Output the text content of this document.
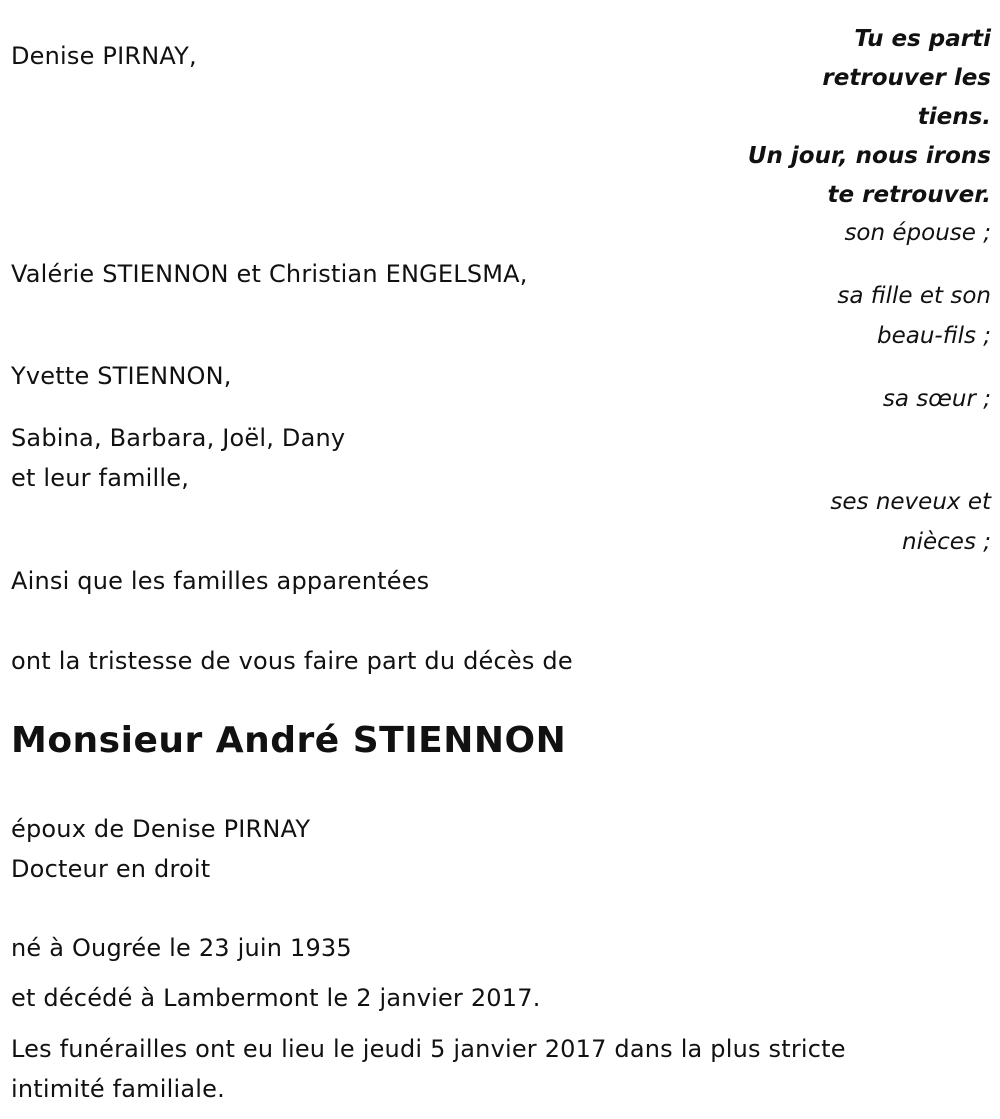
Tu es parti
retrouver les
tiens.
Un jour, nous irons
te retrouver.
Denise PIRNAY,
son épouse ;
Valérie STIENNON et Christian ENGELSMA,
sa fille et son
beau-fils ;
Yvette STIENNON,
sa sœur ;
Sabina, Barbara, Joël, Dany
et leur famille,
ses neveux et
nièces ;
Ainsi que les familles apparentées
ont la tristesse de vous faire part du décès de
Monsieur André STIENNON
époux de Denise PIRNAY
Docteur en droit
né à Ougrée le 23 juin 1935
et décédé à Lambermont le 2 janvier 2017.
Les funérailles ont eu lieu le jeudi 5 janvier 2017 dans la plus stricte
intimité familiale.
